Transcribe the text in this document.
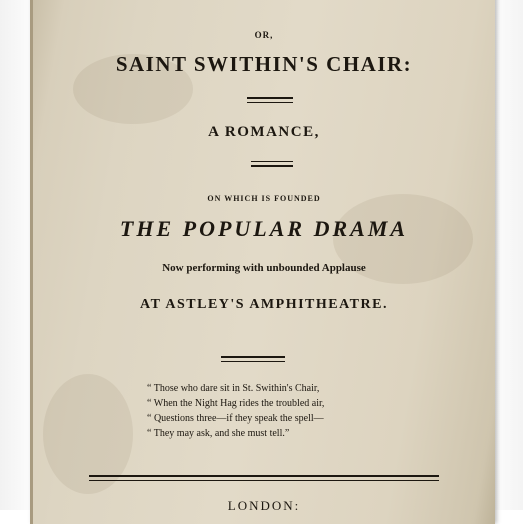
OR,
SAINT SWITHIN'S CHAIR:
A ROMANCE,
ON WHICH IS FOUNDED
THE POPULAR DRAMA
Now performing with unbounded Applause
AT ASTLEY'S AMPHITHEATRE.
“ Those who dare sit in St. Swithin's Chair,
“ When the Night Hag rides the troubled air,
“ Questions three—if they speak the spell—
“ They may ask, and she must tell.”
LONDON:
